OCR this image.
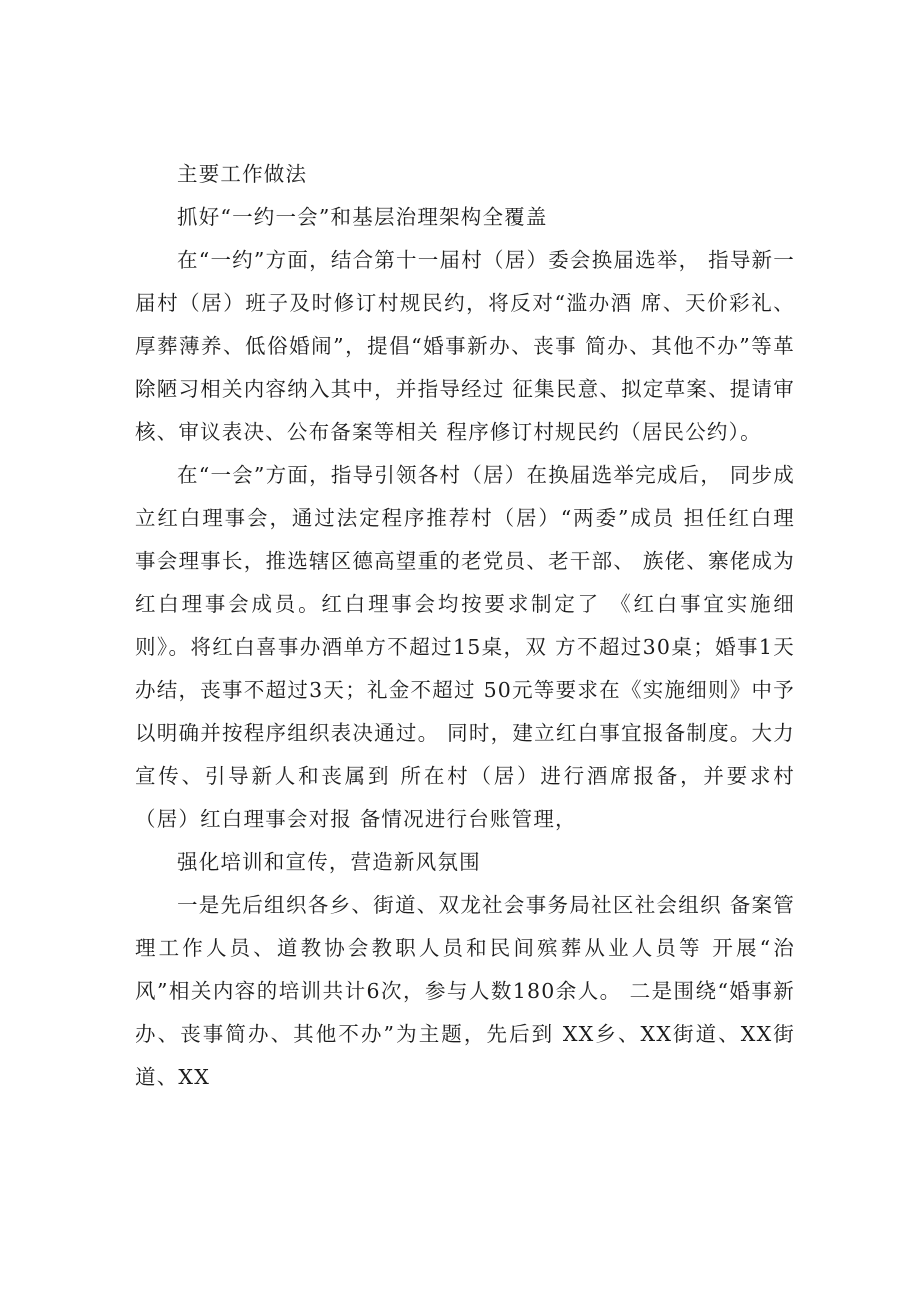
主要工作做法

抓好“一约一会”和基层治理架构全覆盖

在“一约”方面，结合第十一届村（居）委会换届选举， 指导新一届村（居）班子及时修订村规民约，将反对“滥办酒 席、天价彩礼、厚葬薄养、低俗婚闹”，提倡“婚事新办、丧事 简办、其他不办”等革除陋习相关内容纳入其中，并指导经过 征集民意、拟定草案、提请审核、审议表决、公布备案等相关 程序修订村规民约（居民公约）。

在“一会”方面，指导引领各村（居）在换届选举完成后， 同步成立红白理事会，通过法定程序推荐村（居）“两委”成员 担任红白理事会理事长，推选辖区德高望重的老党员、老干部、 族佬、寨佬成为红白理事会成员。红白理事会均按要求制定了 《红白事宜实施细则》。将红白喜事办酒单方不超过15桌，双 方不超过30桌；婚事1天办结，丧事不超过3天；礼金不超过 50元等要求在《实施细则》中予以明确并按程序组织表决通过。 同时，建立红白事宜报备制度。大力宣传、引导新人和丧属到 所在村（居）进行酒席报备，并要求村（居）红白理事会对报 备情况进行台账管理，

强化培训和宣传，营造新风氛围

一是先后组织各乡、街道、双龙社会事务局社区社会组织 备案管理工作人员、道教协会教职人员和民间殡葬从业人员等 开展“治风”相关内容的培训共计6次，参与人数180余人。 二是围绕“婚事新办、丧事简办、其他不办”为主题，先后到 XX乡、XX街道、XX街道、XX
